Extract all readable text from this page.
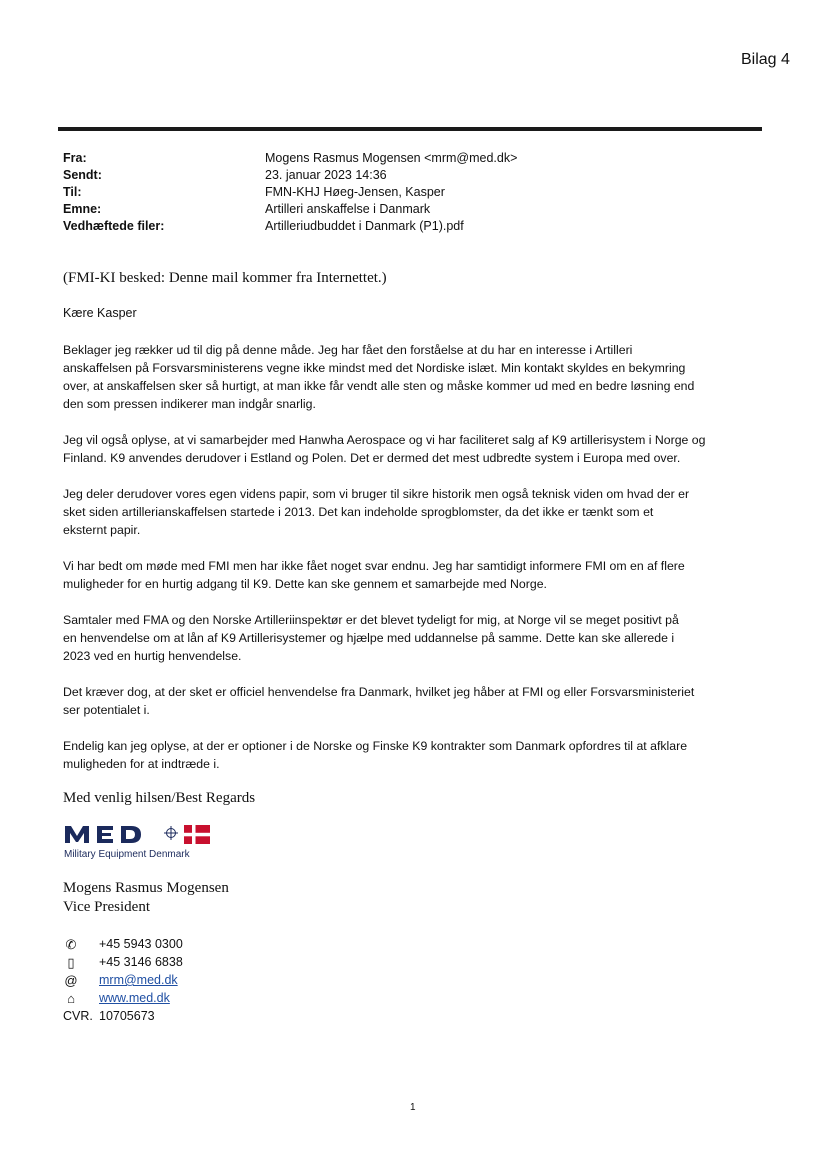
Bilag 4
Fra:	Mogens Rasmus Mogensen <mrm@med.dk>
Sendt:	23. januar 2023 14:36
Til:	FMN-KHJ Høeg-Jensen, Kasper
Emne:	Artilleri anskaffelse i Danmark
Vedhæftede filer:	Artilleriudbuddet i Danmark (P1).pdf
(FMI-KI besked: Denne mail kommer fra Internettet.)
Kære Kasper
Beklager jeg rækker ud til dig på denne måde. Jeg har fået den forståelse at du har en interesse i Artilleri
anskaffelsen på Forsvarsministerens vegne ikke mindst med det Nordiske islæt. Min kontakt skyldes en bekymring
over, at anskaffelsen sker så hurtigt, at man ikke får vendt alle sten og måske kommer ud med en bedre løsning end
den som pressen indikerer man indgår snarlig.
Jeg vil også oplyse, at vi samarbejder med Hanwha Aerospace og vi har faciliteret salg af K9 artillerisystem i Norge og
Finland. K9 anvendes derudover i Estland og Polen. Det er dermed det mest udbredte system i Europa med over.
Jeg deler derudover vores egen videns papir, som vi bruger til sikre historik men også teknisk viden om hvad der er
sket siden artillerianskaffelsen startede i 2013. Det kan indeholde sprogblomster, da det ikke er tænkt som et
eksternt papir.
Vi har bedt om møde med FMI men har ikke fået noget svar endnu. Jeg har samtidigt informere FMI om en af flere
muligheder for en hurtig adgang til K9. Dette kan ske gennem et samarbejde med Norge.
Samtaler med FMA og den Norske Artilleriinspektør er det blevet tydeligt for mig, at Norge vil se meget positivt på
en henvendelse om at lån af K9 Artillerisystemer og hjælpe med uddannelse på samme. Dette kan ske allerede i
2023 ved en hurtig henvendelse.
Det kræver dog, at der sket er officiel henvendelse fra Danmark, hvilket jeg håber at FMI og eller Forsvarsministeriet
ser potentialet i.
Endelig kan jeg oplyse, at der er optioner i de Norske og Finske K9 kontrakter som Danmark opfordres til at afklare
muligheden for at indtræde i.
Med venlig hilsen/Best Regards
Military Equipment Denmark
Mogens Rasmus Mogensen
Vice President
✆ +45 5943 0300
▯	+45 3146 6838
@ mrm@med.dk
⌂	www.med.dk
CVR. 10705673
1
